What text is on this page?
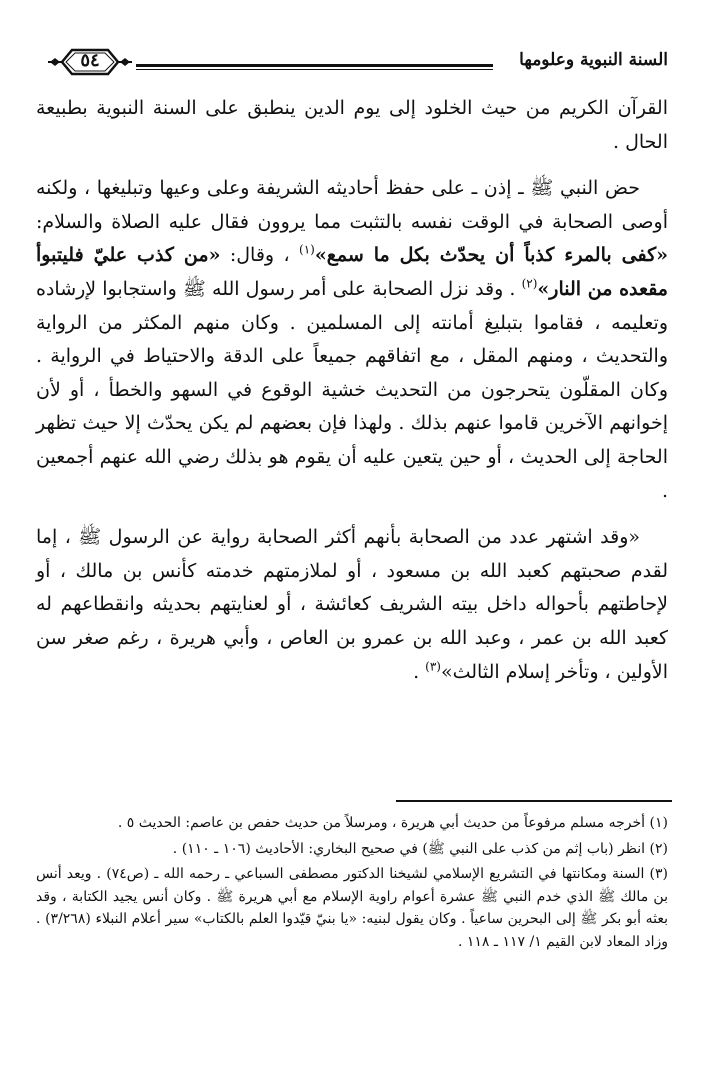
السنة النبوية وعلومها
٥٤

القرآن الكريم من حيث الخلود إلى يوم الدين ينطبق على السنة النبوية بطبيعة الحال .

حض النبي ﷺ ـ إذن ـ على حفظ أحاديثه الشريفة وعلى وعيها وتبليغها ، ولكنه أوصى الصحابة في الوقت نفسه بالتثبت مما يروون فقال عليه الصلاة والسلام: «كفى بالمرء كذباً أن يحدّث بكل ما سمع»$^{(١)}$ ، وقال: «من كذب عليّ فليتبوأ مقعده من النار»$^{(٢)}$ . وقد نزل الصحابة على أمر رسول الله ﷺ واستجابوا لإرشاده وتعليمه ، فقاموا بتبليغ أمانته إلى المسلمين . وكان منهم المكثر من الرواية والتحديث ، ومنهم المقل ، مع اتفاقهم جميعاً على الدقة والاحتياط في الرواية . وكان المقلّون يتحرجون من التحديث خشية الوقوع في السهو والخطأ ، أو لأن إخوانهم الآخرين قاموا عنهم بذلك . ولهذا فإن بعضهم لم يكن يحدّث إلا حيث تظهر الحاجة إلى الحديث ، أو حين يتعين عليه أن يقوم هو بذلك رضي الله عنهم أجمعين .

«وقد اشتهر عدد من الصحابة بأنهم أكثر الصحابة رواية عن الرسول ﷺ ، إما لقدم صحبتهم كعبد الله بن مسعود ، أو لملازمتهم خدمته كأنس بن مالك ، أو لإحاطتهم بأحواله داخل بيته الشريف كعائشة ، أو لعنايتهم بحديثه وانقطاعهم له كعبد الله بن عمر ، وعبد الله بن عمرو بن العاص ، وأبي هريرة ، رغم صغر سن الأولين ، وتأخر إسلام الثالث»$^{(٣)}$ .

(١) أخرجه مسلم مرفوعاً من حديث أبي هريرة ، ومرسلاً من حديث حفص بن عاصم: الحديث ٥ .

(٢) انظر (باب إثم من كذب على النبي ﷺ) في صحيح البخاري: الأحاديث (١٠٦ ـ ١١٠) .

(٣) السنة ومكانتها في التشريع الإسلامي لشيخنا الدكتور مصطفى السباعي ـ رحمه الله ـ (ص٧٤) . ويعد أنس بن مالك ﷺ الذي خدم النبي ﷺ عشرة أعوام راوية الإسلام مع أبي هريرة ﷺ . وكان أنس يجيد الكتابة ، وقد بعثه أبو بكر ﷺ إلى البحرين ساعياً . وكان يقول لبنيه: «يا بنيّ قيّدوا العلم بالكتاب» سير أعلام النبلاء (٣/٢٦٨) . وزاد المعاد لابن القيم ١/ ١١٧ ـ ١١٨ .
